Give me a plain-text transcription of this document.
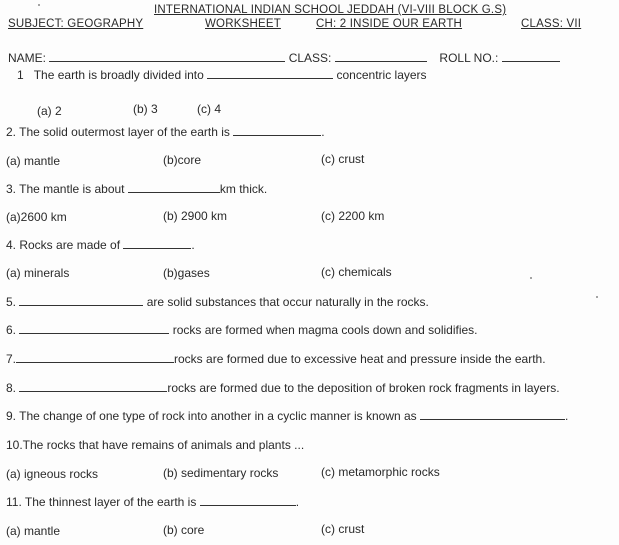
INTERNATIONAL INDIAN SCHOOL JEDDAH (VI-VIII BLOCK G.S)
SUBJECT: GEOGRAPHY	WORKSHEET	CH: 2 INSIDE OUR EARTH	CLASS: VII
NAME:	CLASS:	ROLL NO.:
1 The earth is broadly divided into	concentric layers
(a) 2	(b) 3	(c) 4
2. The solid outermost layer of the earth is	.
(a) mantle	(b)core	(c) crust
3. The mantle is about	km thick.
(a)2600 km	(b) 2900 km	(c) 2200 km
4. Rocks are made of	.
(a) minerals	(b)gases	(c) chemicals
5.	are solid substances that occur naturally in the rocks.
6.	rocks are formed when magma cools down and solidifies.
7.	rocks are formed due to excessive heat and pressure inside the earth.
8.	rocks are formed due to the deposition of broken rock fragments in layers.
9. The change of one type of rock into another in a cyclic manner is known as	.
10.The rocks that have remains of animals and plants ...
(a) igneous rocks	(b) sedimentary rocks	(c) metamorphic rocks
11. The thinnest layer of the earth is	.
(a) mantle	(b) core	(c) crust
